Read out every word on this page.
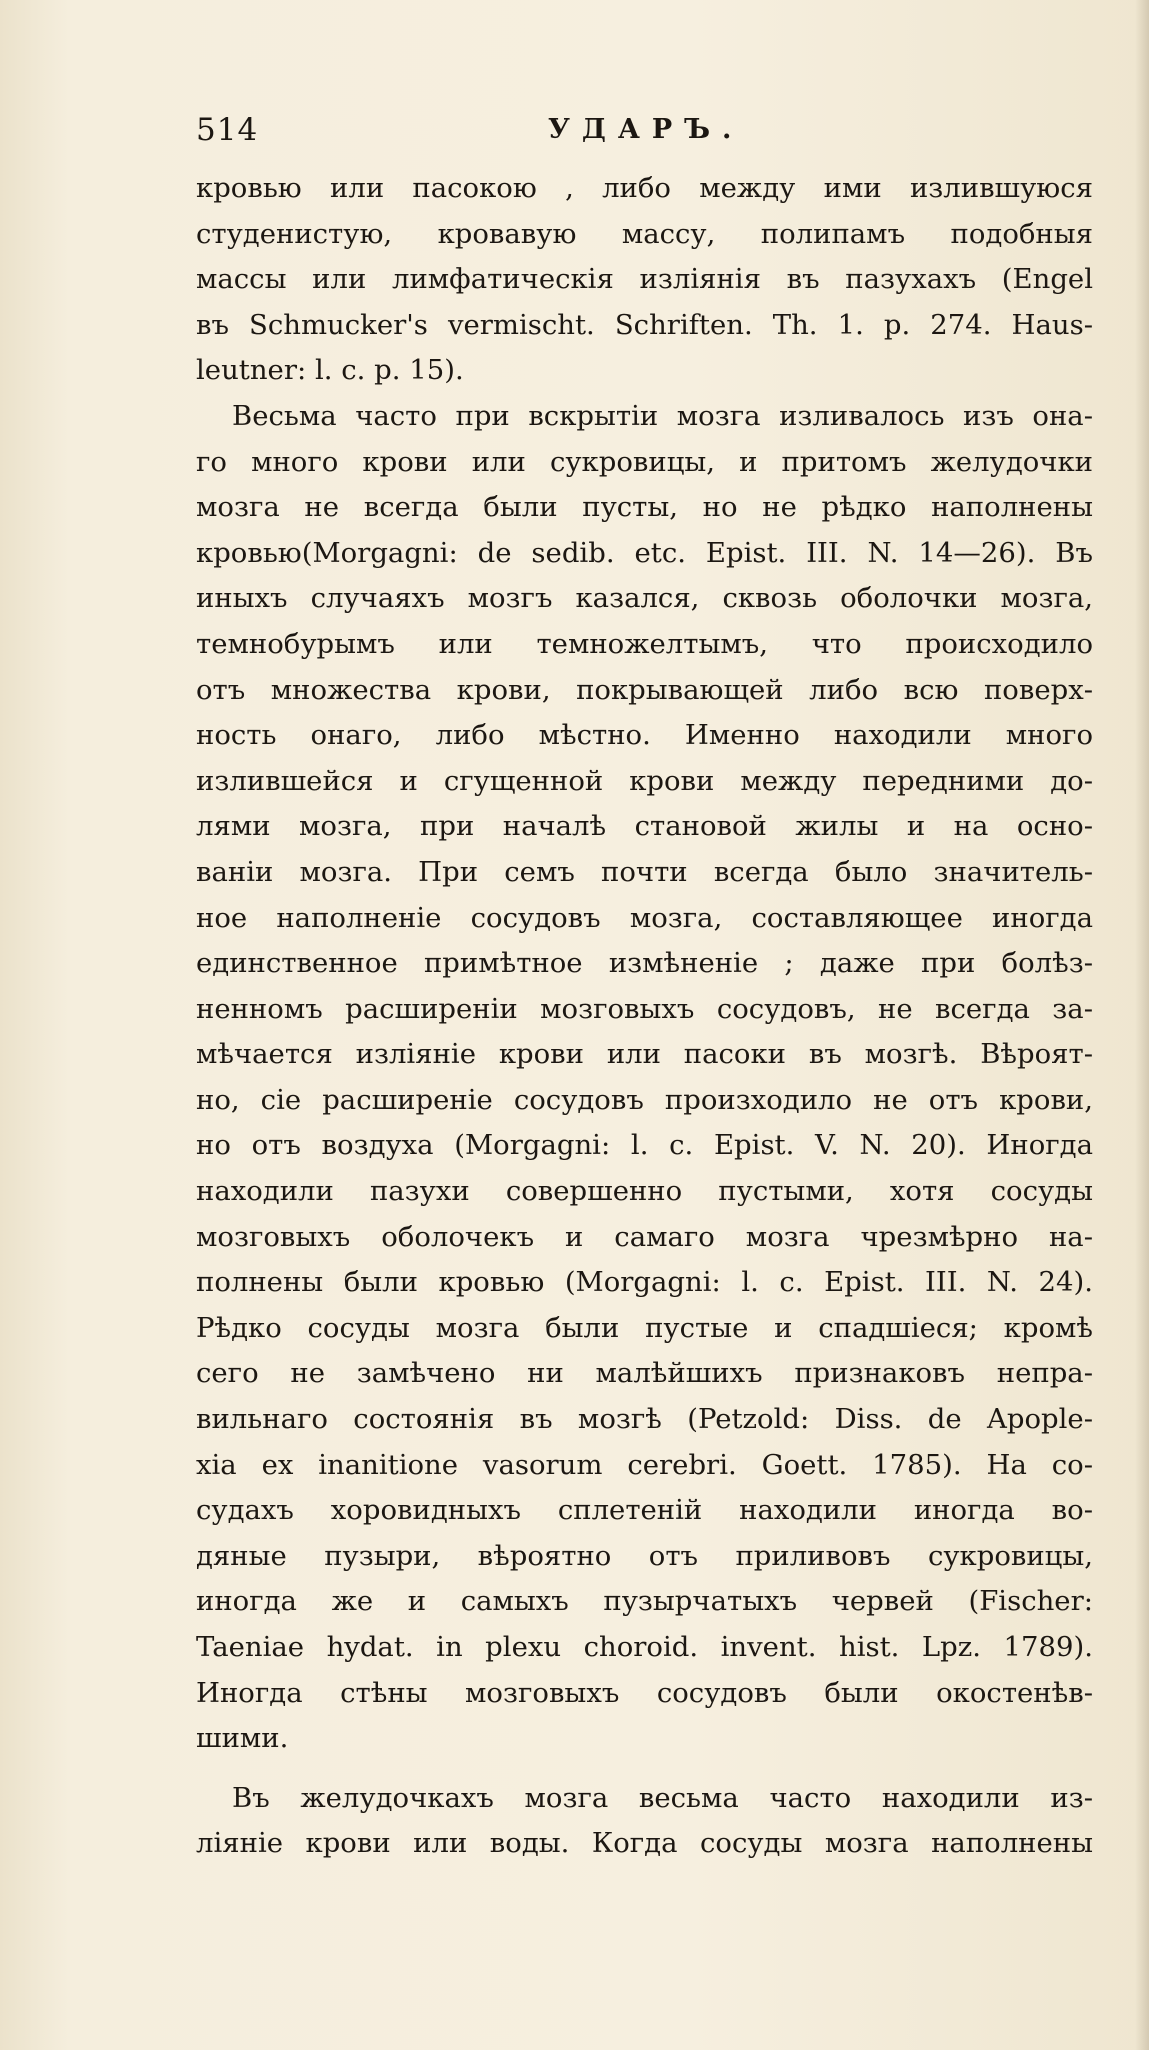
514	УДАРЪ.
кровью или пасокою , либо между ими излившуюся
студенистую, кровавую массу, полипамъ подобныя
массы или лимфатическія изліянія въ пазухахъ (Engel
въ Schmucker's vermischt. Schriften. Th. 1. p. 274. Haus-
leutner: l. c. p. 15).
Весьма часто при вскрытіи мозга изливалось изъ она-
го много крови или сукровицы, и притомъ желудочки
мозга не всегда были пусты, но не рѣдко наполнены
кровью(Morgagni: de sedib. etc. Epist. III. N. 14—26). Въ
иныхъ случаяхъ мозгъ казался, сквозь оболочки мозга,
темнобурымъ или темножелтымъ, что происходило
отъ множества крови, покрывающей либо всю поверх-
ность онаго, либо мѣстно. Именно находили много
излившейся и сгущенной крови между передними до-
лями мозга, при началѣ становой жилы и на осно-
ваніи мозга. При семъ почти всегда было значитель-
ное наполненіе сосудовъ мозга, составляющее иногда
единственное примѣтное измѣненіе ; даже при болѣз-
ненномъ расширеніи мозговыхъ сосудовъ, не всегда за-
мѣчается изліяніе крови или пасоки въ мозгѣ. Вѣроят-
но, сіе расширеніе сосудовъ произходило не отъ крови,
но отъ воздуха (Morgagni: l. c. Epist. V. N. 20). Иногда
находили пазухи совершенно пустыми, хотя сосуды
мозговыхъ оболочекъ и самаго мозга чрезмѣрно на-
полнены были кровью (Morgagni: l. c. Epist. III. N. 24).
Рѣдко сосуды мозга были пустые и спадшіеся; кромѣ
сего не замѣчено ни малѣйшихъ признаковъ непра-
вильнаго состоянія въ мозгѣ (Petzold: Diss. de Apople-
xia ex inanitione vasorum cerebri. Goett. 1785). На со-
судахъ хоровидныхъ сплетеній находили иногда во-
дяные пузыри, вѣроятно отъ приливовъ сукровицы,
иногда же и самыхъ пузырчатыхъ червей (Fischer:
Taeniae hydat. in plexu choroid. invent. hist. Lpz. 1789).
Иногда стѣны мозговыхъ сосудовъ были окостенѣв-
шими.
Въ желудочкахъ мозга весьма часто находили из-
ліяніе крови или воды. Когда сосуды мозга наполнены
